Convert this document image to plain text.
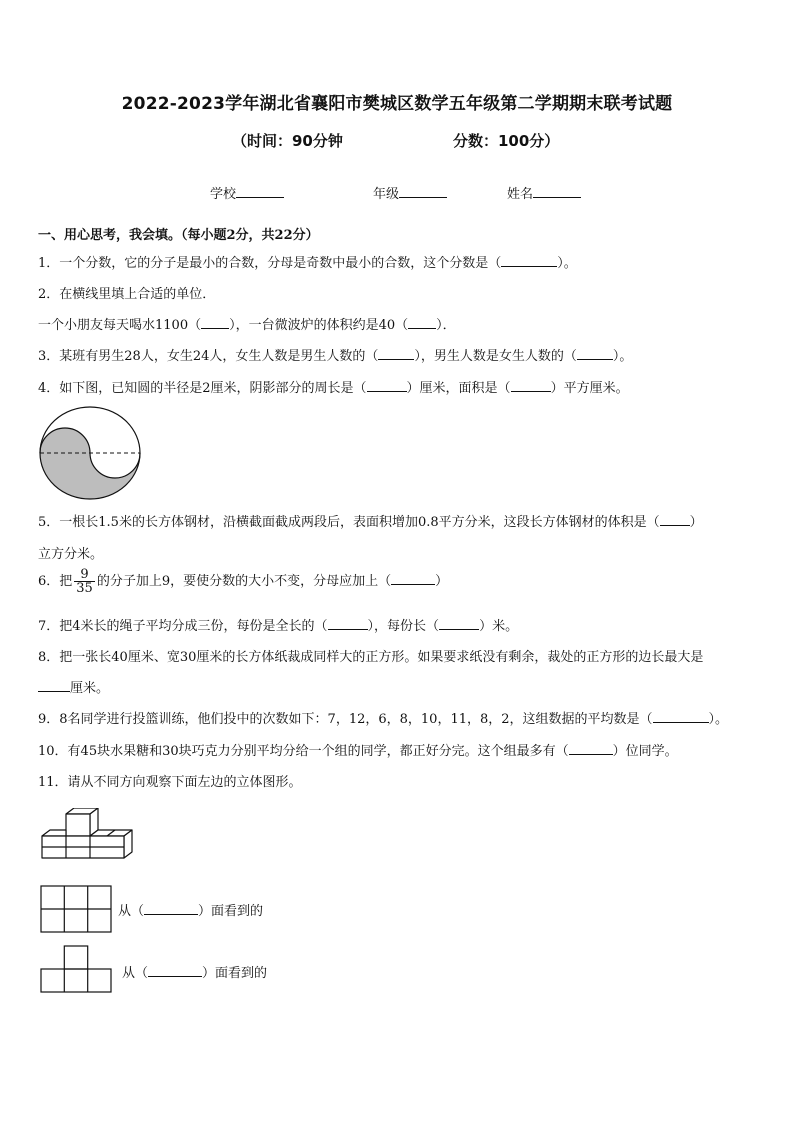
2022-2023学年湖北省襄阳市樊城区数学五年级第二学期期末联考试题
（时间：90分钟	分数：100分）
学校	年级	姓名
一、用心思考，我会填。（每小题2分，共22分）
1．一个分数，它的分子是最小的合数，分母是奇数中最小的合数，这个分数是（	）。
2．在横线里填上合适的单位．
一个小朋友每天喝水1100（ ），一台微波炉的体积约是40（ ）．
3．某班有男生28人，女生24人，女生人数是男生人数的（	），男生人数是女生人数的（	）。
4．如下图，已知圆的半径是2厘米，阴影部分的周长是（	）厘米，面积是（	）平方厘米。
5．一根长1.5米的长方体钢材，沿横截面截成两段后，表面积增加0.8平方分米，这段长方体钢材的体积是（ ）
立方分米。
6．把 $\frac{9}{35}$ 的分子加上9，要使分数的大小不变，分母应加上（	）
7．把4米长的绳子平均分成三份，每份是全长的（	），每份长（	）米。
8．把一张长40厘米、宽30厘米的长方体纸裁成同样大的正方形。如果要求纸没有剩余，裁处的正方形的边长最大是
厘米。
9．8名同学进行投篮训练，他们投中的次数如下：7，12，6，8，10，11，8，2，这组数据的平均数是（	）。
10．有45块水果糖和30块巧克力分别平均分给一个组的同学，都正好分完。这个组最多有（	）位同学。
11．请从不同方向观察下面左边的立体图形。
从（	）面看到的
从（	）面看到的
